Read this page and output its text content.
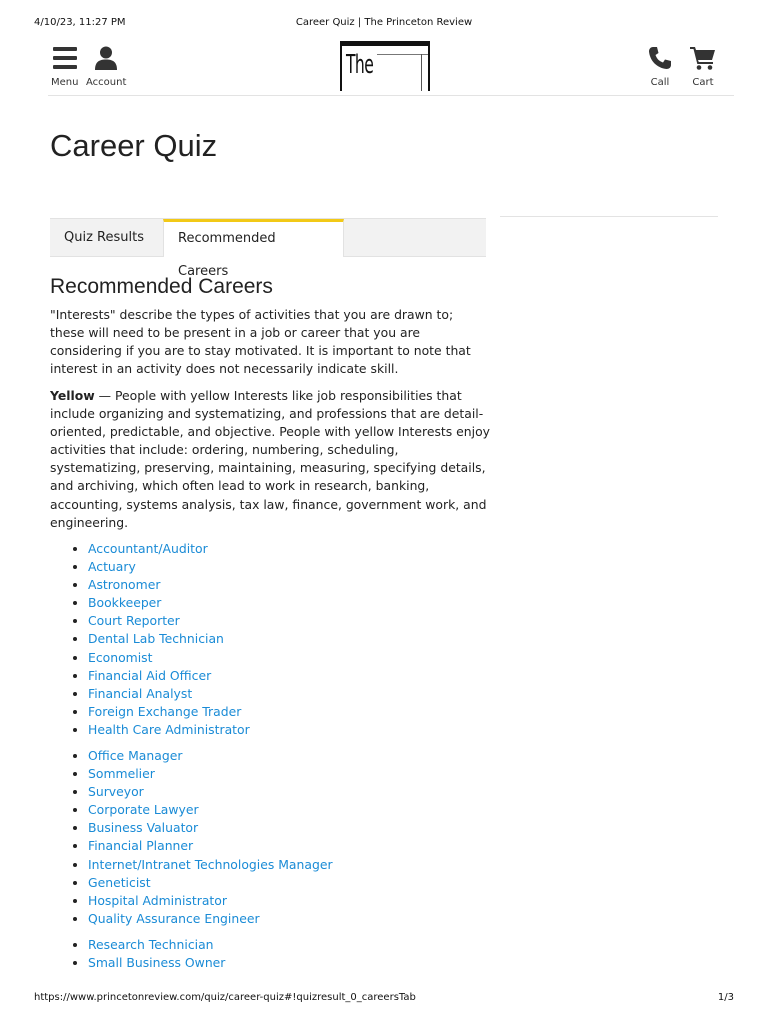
4/10/23, 11:27 PM	Career Quiz | The Princeton Review
Menu Account
The
Call Cart
Career Quiz
Quiz Results	Recommended Careers
Recommended Careers

"Interests" describe the types of activities that you are drawn to; these will need to be present in a job or career that you are considering if you are to stay motivated. It is important to note that interest in an activity does not necessarily indicate skill.

Yellow — People with yellow Interests like job responsibilities that include organizing and systematizing, and professions that are detail-oriented, predictable, and objective. People with yellow Interests enjoy activities that include: ordering, numbering, scheduling, systematizing, preserving, maintaining, measuring, specifying details, and archiving, which often lead to work in research, banking, accounting, systems analysis, tax law, finance, government work, and engineering.

• Accountant/Auditor
• Actuary
• Astronomer
• Bookkeeper
• Court Reporter
• Dental Lab Technician
• Economist
• Financial Aid Officer
• Financial Analyst
• Foreign Exchange Trader
• Health Care Administrator
• Office Manager
• Sommelier
• Surveyor
• Corporate Lawyer
• Business Valuator
• Financial Planner
• Internet/Intranet Technologies Manager
• Geneticist
• Hospital Administrator
• Quality Assurance Engineer
• Research Technician
• Small Business Owner
https://www.princetonreview.com/quiz/career-quiz#!quizresult_0_careersTab	1/3
